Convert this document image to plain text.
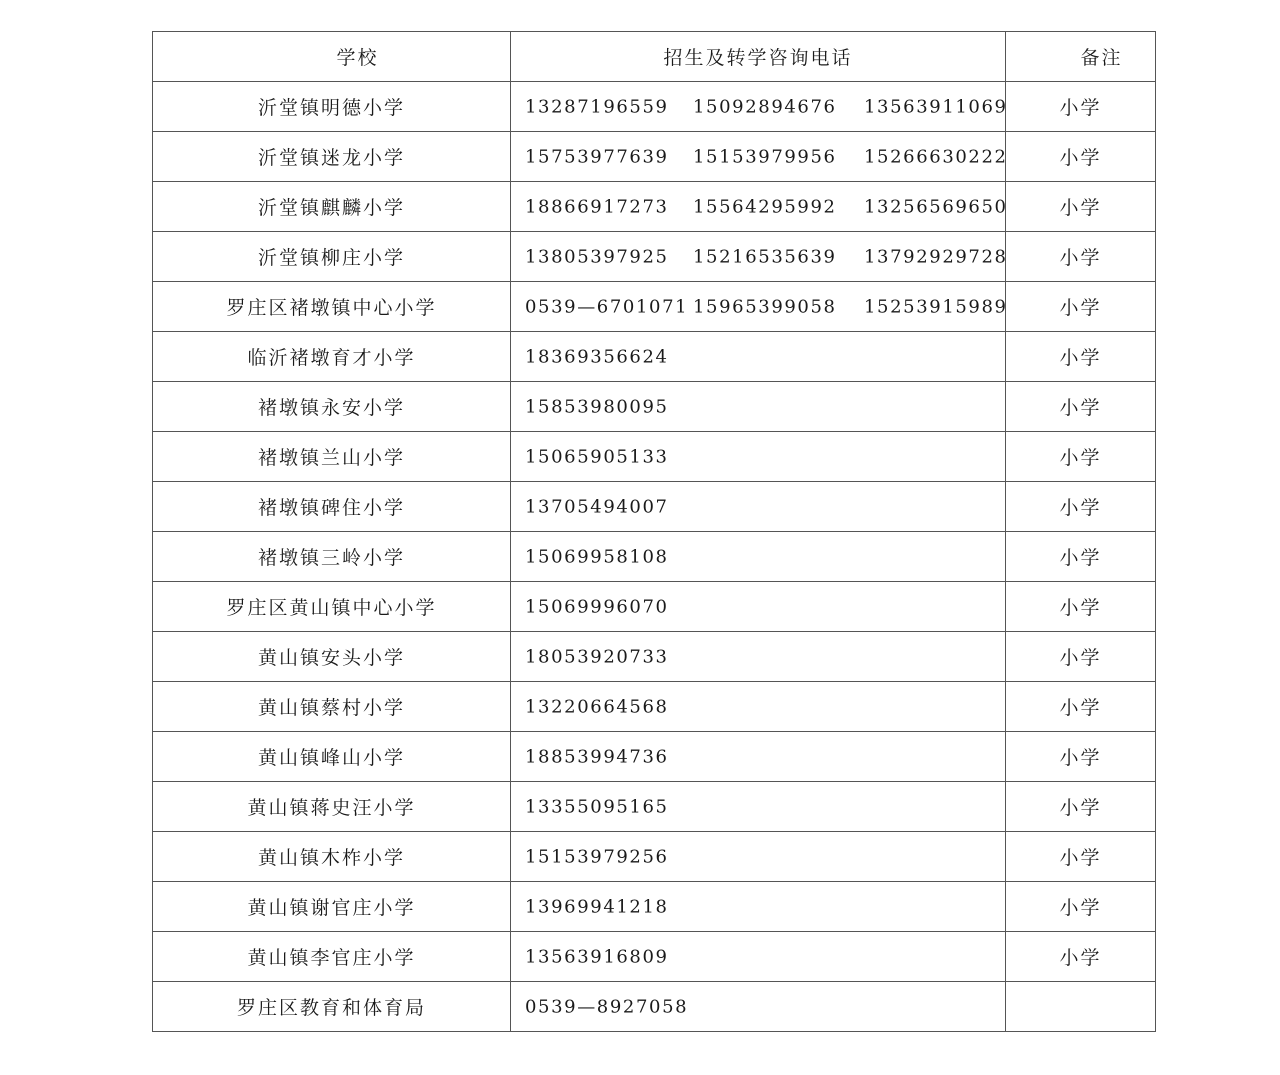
学校	招生及转学咨询电话	备注
沂堂镇明德小学	13287196559 15092894676 13563911069	小学
沂堂镇迷龙小学	15753977639 15153979956 15266630222	小学
沂堂镇麒麟小学	18866917273 15564295992 13256569650	小学
沂堂镇柳庄小学	13805397925 15216535639 13792929728	小学
罗庄区褚墩镇中心小学	0539—6701071 15965399058 15253915989	小学
临沂褚墩育才小学	18369356624	小学
褚墩镇永安小学	15853980095	小学
褚墩镇兰山小学	15065905133	小学
褚墩镇碑住小学	13705494007	小学
褚墩镇三岭小学	15069958108	小学
罗庄区黄山镇中心小学	15069996070	小学
黄山镇安头小学	18053920733	小学
黄山镇蔡村小学	13220664568	小学
黄山镇峰山小学	18853994736	小学
黄山镇蒋史汪小学	13355095165	小学
黄山镇木柞小学	15153979256	小学
黄山镇谢官庄小学	13969941218	小学
黄山镇李官庄小学	13563916809	小学
罗庄区教育和体育局	0539—8927058	
